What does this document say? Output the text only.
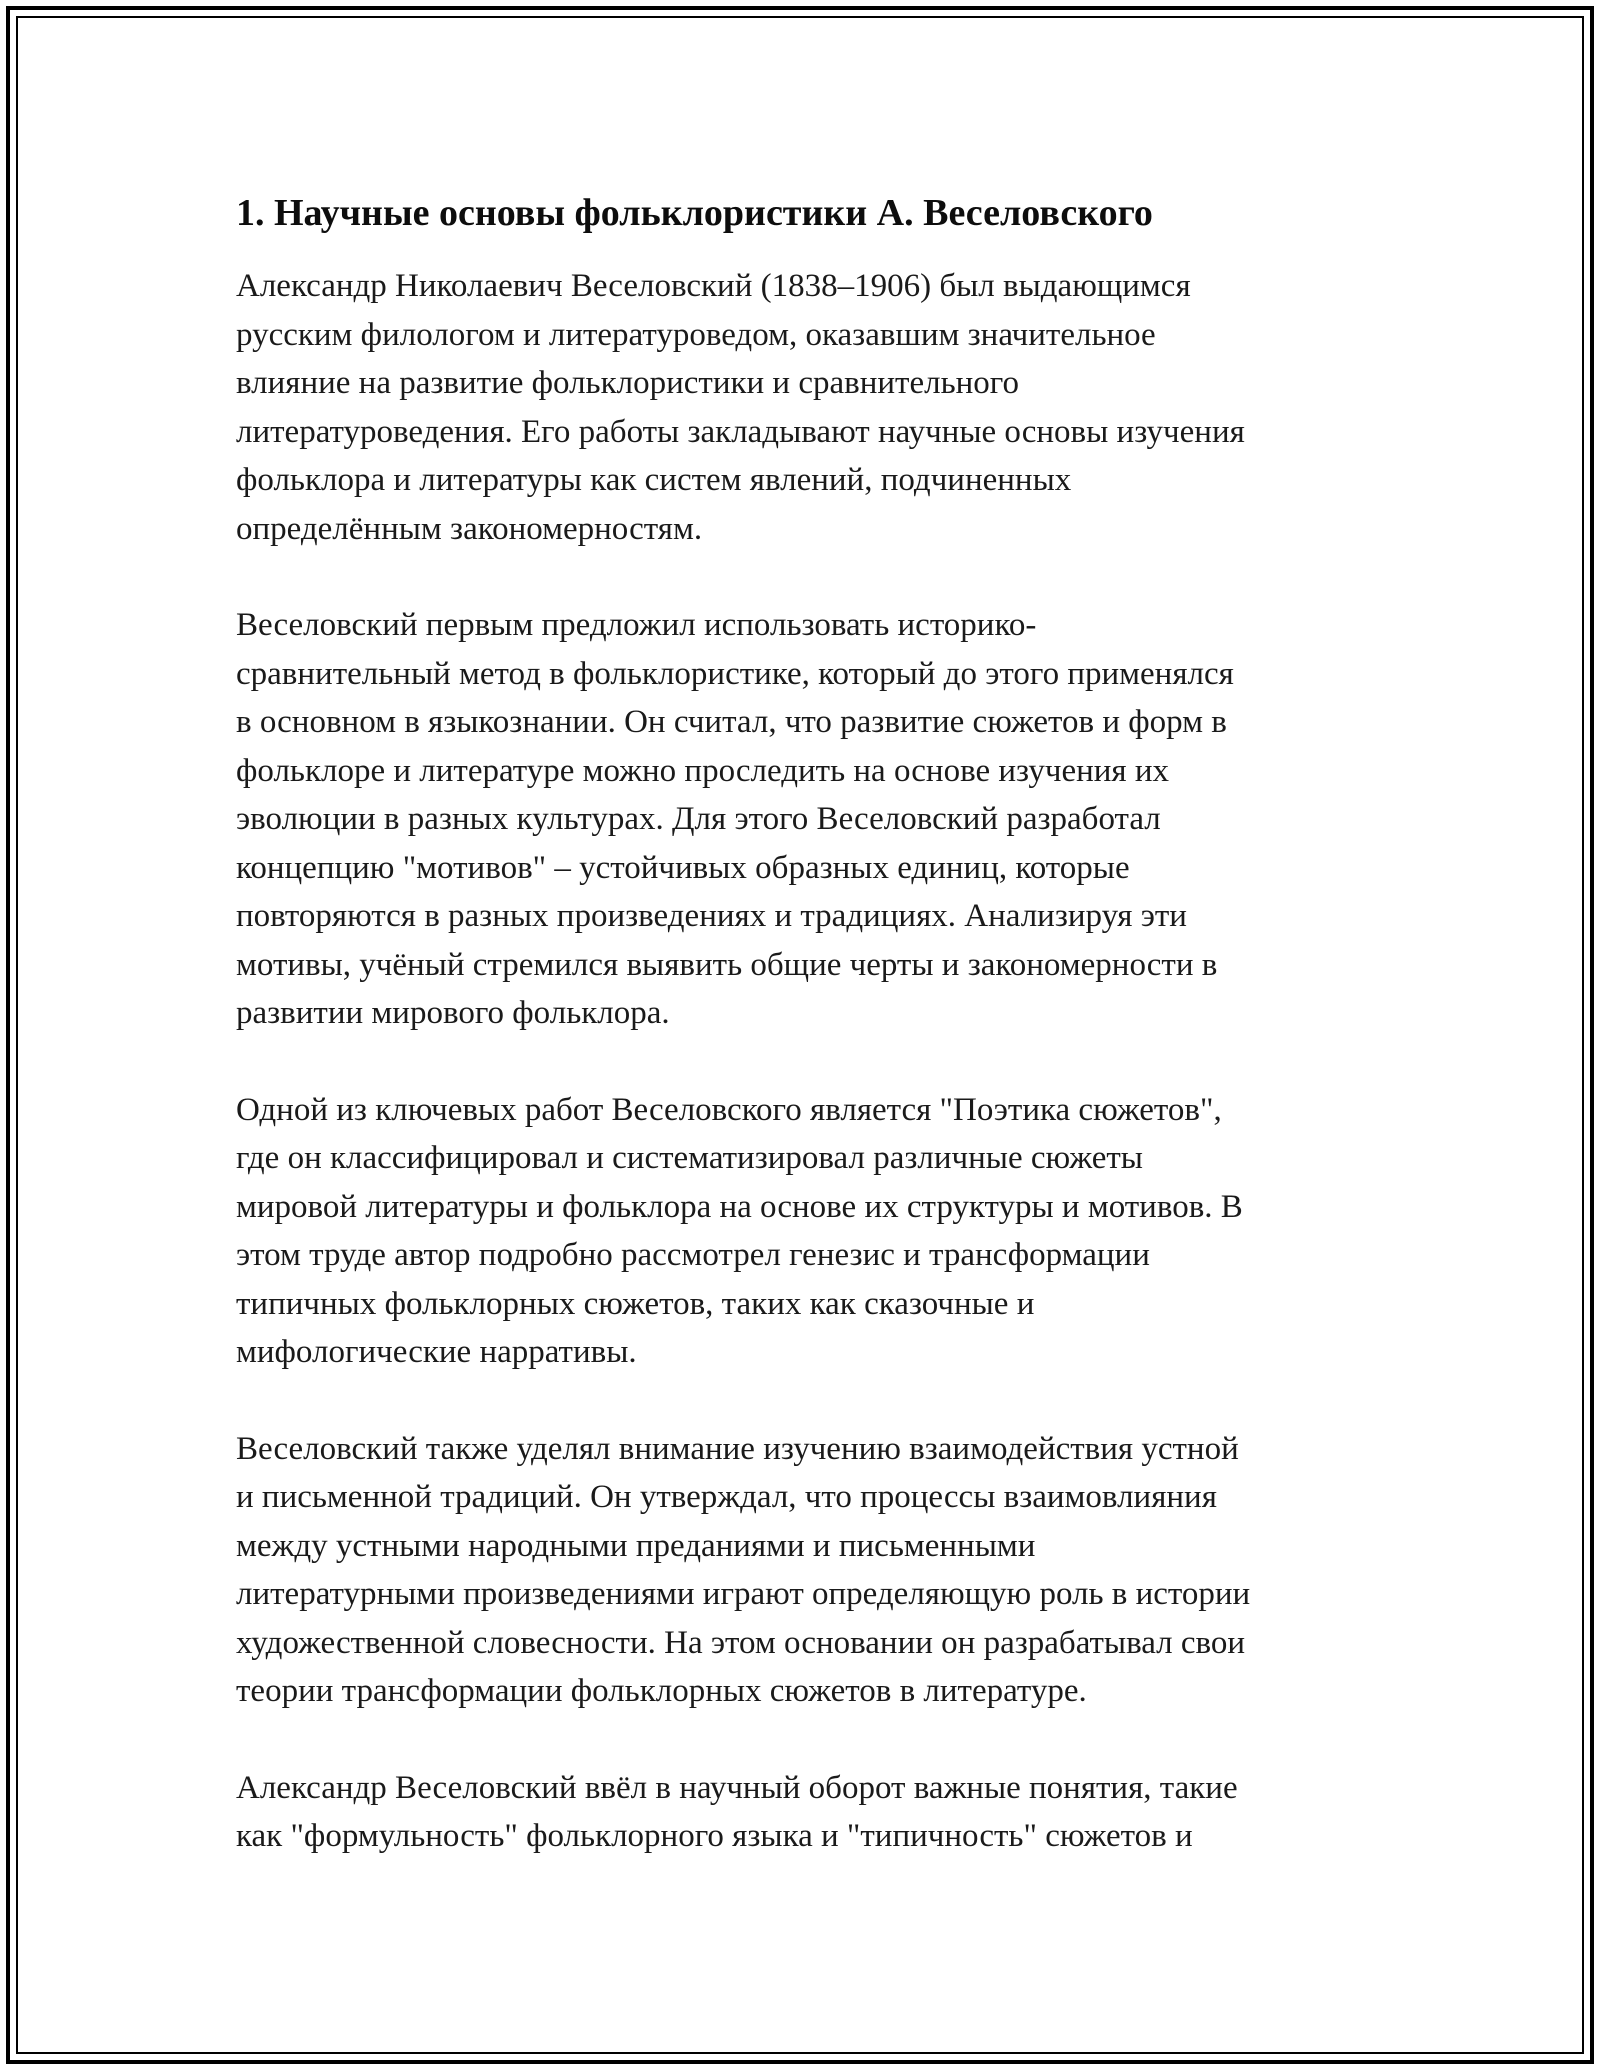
1. Научные основы фольклористики А. Веселовского

Александр Николаевич Веселовский (1838–1906) был выдающимся
русским филологом и литературоведом, оказавшим значительное
влияние на развитие фольклористики и сравнительного
литературоведения. Его работы закладывают научные основы изучения
фольклора и литературы как систем явлений, подчиненных
определённым закономерностям.

Веселовский первым предложил использовать историко-
сравнительный метод в фольклористике, который до этого применялся
в основном в языкознании. Он считал, что развитие сюжетов и форм в
фольклоре и литературе можно проследить на основе изучения их
эволюции в разных культурах. Для этого Веселовский разработал
концепцию "мотивов" – устойчивых образных единиц, которые
повторяются в разных произведениях и традициях. Анализируя эти
мотивы, учёный стремился выявить общие черты и закономерности в
развитии мирового фольклора.

Одной из ключевых работ Веселовского является "Поэтика сюжетов",
где он классифицировал и систематизировал различные сюжеты
мировой литературы и фольклора на основе их структуры и мотивов. В
этом труде автор подробно рассмотрел генезис и трансформации
типичных фольклорных сюжетов, таких как сказочные и
мифологические нарративы.

Веселовский также уделял внимание изучению взаимодействия устной
и письменной традиций. Он утверждал, что процессы взаимовлияния
между устными народными преданиями и письменными
литературными произведениями играют определяющую роль в истории
художественной словесности. На этом основании он разрабатывал свои
теории трансформации фольклорных сюжетов в литературе.

Александр Веселовский ввёл в научный оборот важные понятия, такие
как "формульность" фольклорного языка и "типичность" сюжетов и
